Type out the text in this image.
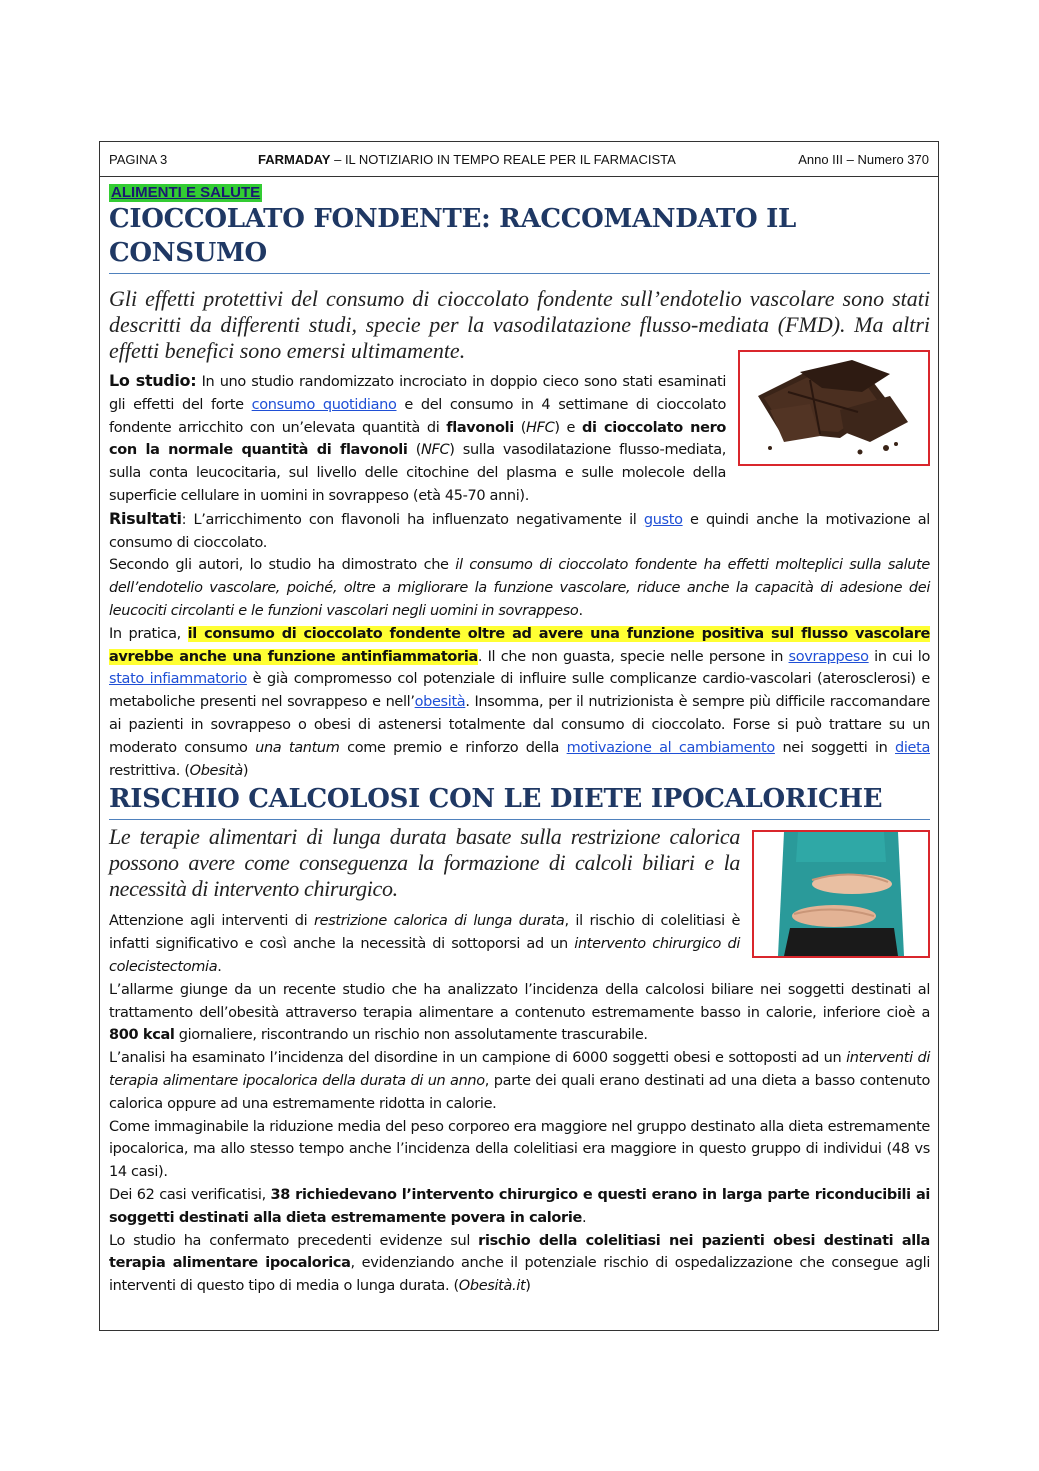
PAGINA 3	FARMADAY – IL NOTIZIARIO IN TEMPO REALE PER IL FARMACISTA	Anno III – Numero 370
ALIMENTI E SALUTE
CIOCCOLATO FONDENTE: RACCOMANDATO IL CONSUMO
Gli effetti protettivi del consumo di cioccolato fondente sull’endotelio vascolare sono stati descritti da differenti studi, specie per la vasodilatazione flusso-mediata (FMD). Ma altri effetti benefici sono emersi ultimamente.

Lo studio: In uno studio randomizzato incrociato in doppio cieco sono stati esaminati gli effetti del forte consumo quotidiano e del consumo in 4 settimane di cioccolato fondente arricchito con un’elevata quantità di flavonoli (HFC) e di cioccolato nero con la normale quantità di flavonoli (NFC) sulla vasodilatazione flusso-mediata, sulla conta leucocitaria, sul livello delle citochine del plasma e sulle molecole della superficie cellulare in uomini in sovrappeso (età 45-70 anni).

Risultati: L’arricchimento con flavonoli ha influenzato negativamente il gusto e quindi anche la motivazione al consumo di cioccolato.

Secondo gli autori, lo studio ha dimostrato che il consumo di cioccolato fondente ha effetti molteplici sulla salute dell’endotelio vascolare, poiché, oltre a migliorare la funzione vascolare, riduce anche la capacità di adesione dei leucociti circolanti e le funzioni vascolari negli uomini in sovrappeso.

In pratica, il consumo di cioccolato fondente oltre ad avere una funzione positiva sul flusso vascolare avrebbe anche una funzione antinfiammatoria. Il che non guasta, specie nelle persone in sovrappeso in cui lo stato infiammatorio è già compromesso col potenziale di influire sulle complicanze cardio-vascolari (aterosclerosi) e metaboliche presenti nel sovrappeso e nell’obesità. Insomma, per il nutrizionista è sempre più difficile raccomandare ai pazienti in sovrappeso o obesi di astenersi totalmente dal consumo di cioccolato. Forse si può trattare su un moderato consumo una tantum come premio e rinforzo della motivazione al cambiamento nei soggetti in dieta restrittiva. (Obesità)

RISCHIO CALCOLOSI CON LE DIETE IPOCALORICHE
Le terapie alimentari di lunga durata basate sulla restrizione calorica possono avere come conseguenza la formazione di calcoli biliari e la necessità di intervento chirurgico.

Attenzione agli interventi di restrizione calorica di lunga durata, il rischio di colelitiasi è infatti significativo e così anche la necessità di sottoporsi ad un intervento chirurgico di colecistectomia.

L’allarme giunge da un recente studio che ha analizzato l’incidenza della calcolosi biliare nei soggetti destinati al trattamento dell’obesità attraverso terapia alimentare a contenuto estremamente basso in calorie, inferiore cioè a 800 kcal giornaliere, riscontrando un rischio non assolutamente trascurabile.

L’analisi ha esaminato l’incidenza del disordine in un campione di 6000 soggetti obesi e sottoposti ad un interventi di terapia alimentare ipocalorica della durata di un anno, parte dei quali erano destinati ad una dieta a basso contenuto calorica oppure ad una estremamente ridotta in calorie.

Come immaginabile la riduzione media del peso corporeo era maggiore nel gruppo destinato alla dieta estremamente ipocalorica, ma allo stesso tempo anche l’incidenza della colelitiasi era maggiore in questo gruppo di individui (48 vs 14 casi).

Dei 62 casi verificatisi, 38 richiedevano l’intervento chirurgico e questi erano in larga parte riconducibili ai soggetti destinati alla dieta estremamente povera in calorie.

Lo studio ha confermato precedenti evidenze sul rischio della colelitiasi nei pazienti obesi destinati alla terapia alimentare ipocalorica, evidenziando anche il potenziale rischio di ospedalizzazione che consegue agli interventi di questo tipo di media o lunga durata. (Obesità.it)
